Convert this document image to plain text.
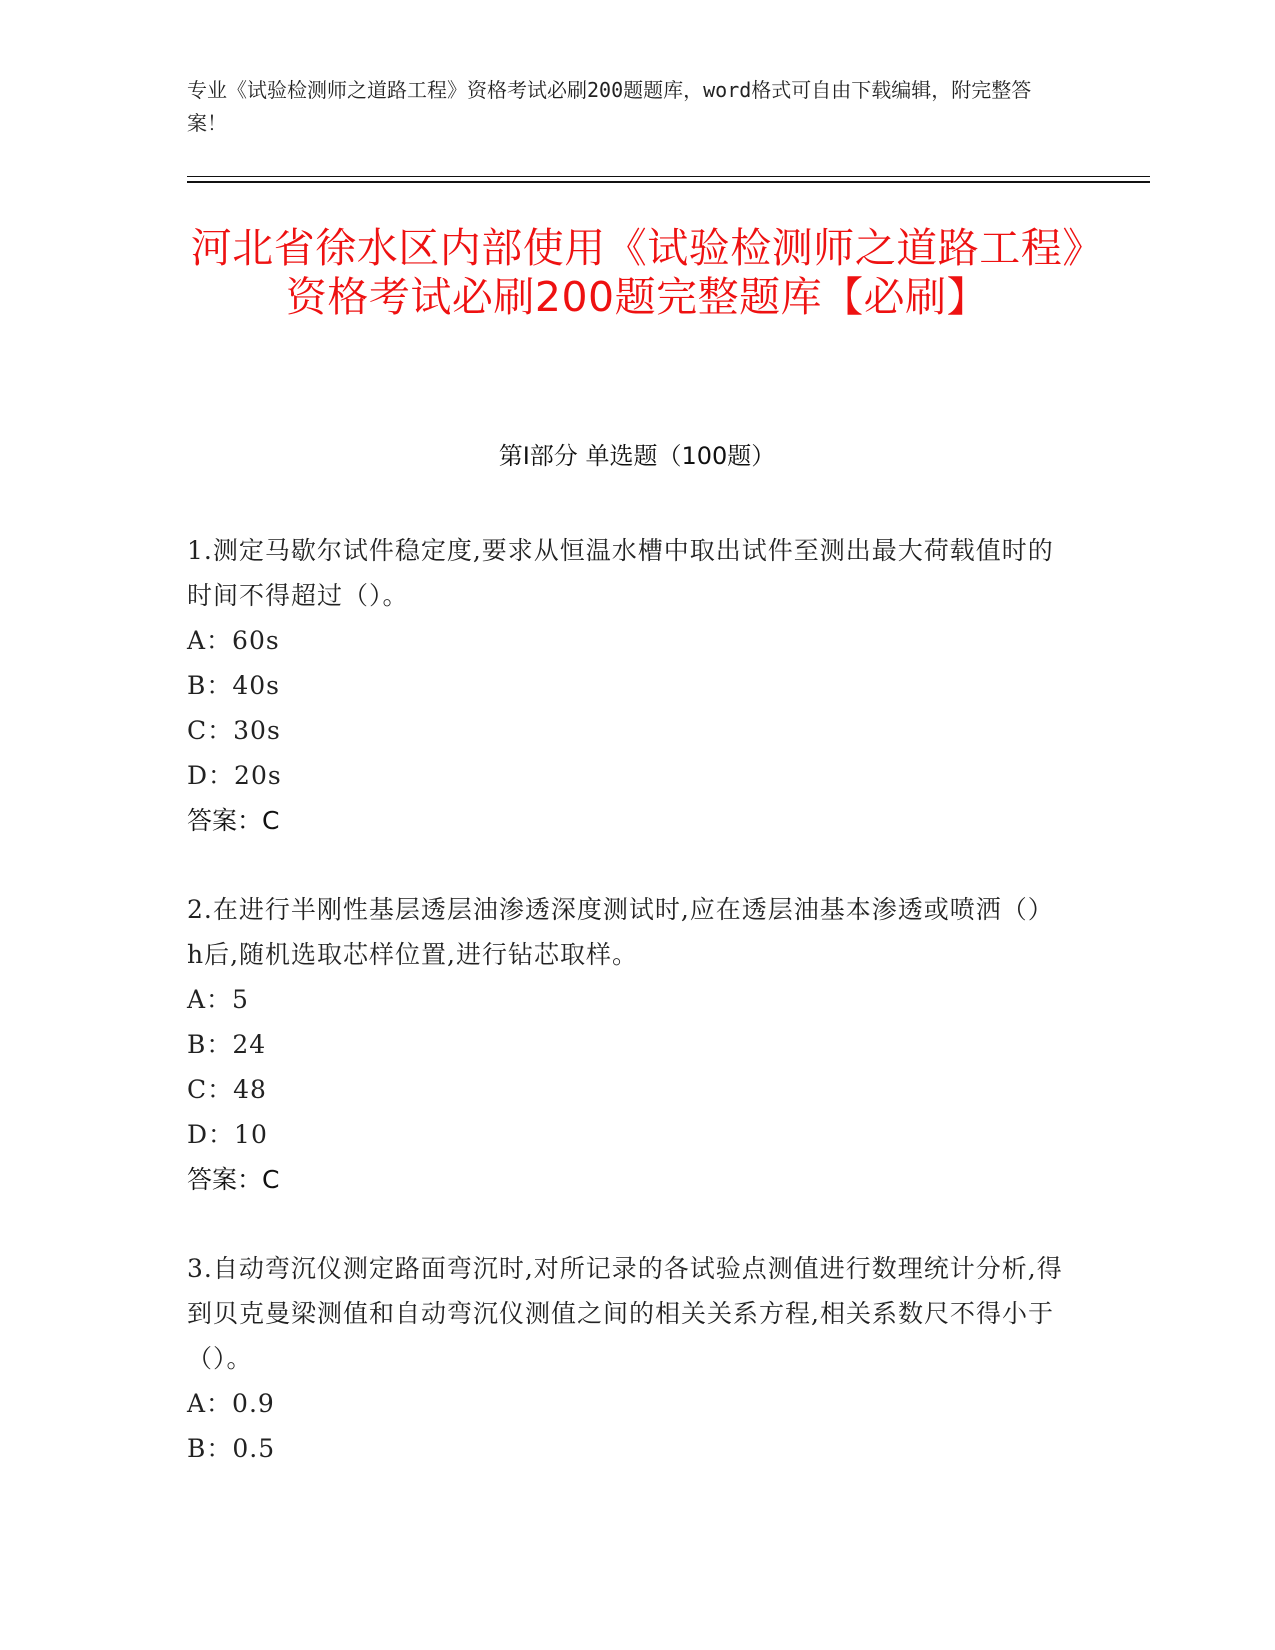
专业《试验检测师之道路工程》资格考试必刷200题题库，word格式可自由下载编辑，附完整答案！
河北省徐水区内部使用《试验检测师之道路工程》资格考试必刷200题完整题库【必刷】
第I部分 单选题（100题）
1.测定马歇尔试件稳定度,要求从恒温水槽中取出试件至测出最大荷载值时的时间不得超过（）。
A：60s
B：40s
C：30s
D：20s
答案：C
2.在进行半刚性基层透层油渗透深度测试时,应在透层油基本渗透或喷洒（）h后,随机选取芯样位置,进行钻芯取样。
A：5
B：24
C：48
D：10
答案：C
3.自动弯沉仪测定路面弯沉时,对所记录的各试验点测值进行数理统计分析,得到贝克曼梁测值和自动弯沉仪测值之间的相关关系方程,相关系数尺不得小于（）。
A：0.9
B：0.5
